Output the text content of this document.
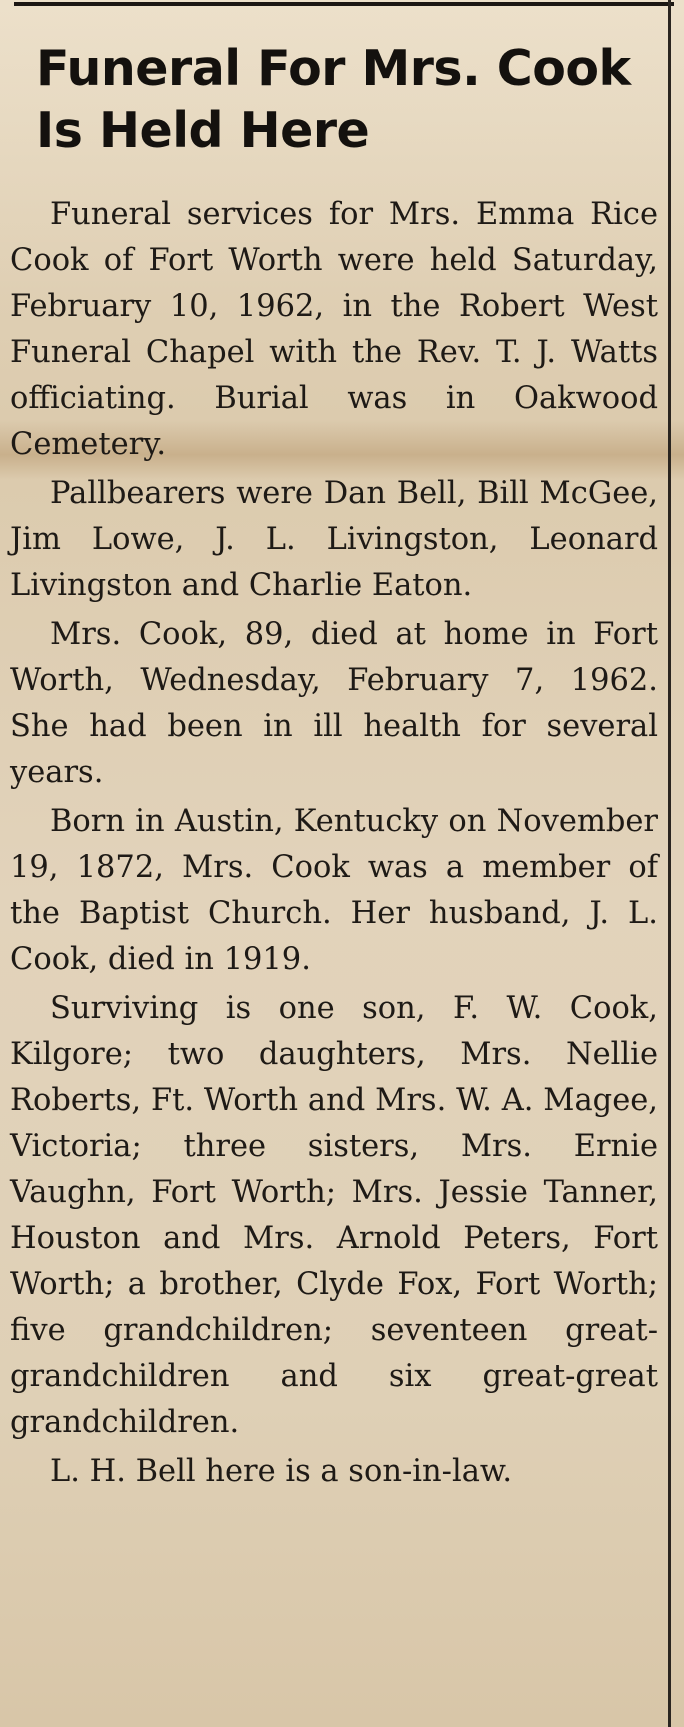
Funeral For Mrs. Cook Is Held Here

Funeral services for Mrs. Emma Rice Cook of Fort Worth were held Saturday, February 10, 1962, in the Robert West Funeral Chapel with the Rev. T. J. Watts officiating. Burial was in Oakwood Cemetery.

Pallbearers were Dan Bell, Bill McGee, Jim Lowe, J. L. Livingston, Leonard Livingston and Charlie Eaton.

Mrs. Cook, 89, died at home in Fort Worth, Wednesday, February 7, 1962. She had been in ill health for several years.

Born in Austin, Kentucky on November 19, 1872, Mrs. Cook was a member of the Baptist Church. Her husband, J. L. Cook, died in 1919.

Surviving is one son, F. W. Cook, Kilgore; two daughters, Mrs. Nellie Roberts, Ft. Worth and Mrs. W. A. Magee, Victoria; three sisters, Mrs. Ernie Vaughn, Fort Worth; Mrs. Jessie Tanner, Houston and Mrs. Arnold Peters, Fort Worth; a brother, Clyde Fox, Fort Worth; five grandchildren; seventeen great-grandchildren and six great-great grandchildren.

L. H. Bell here is a son-in-law.
